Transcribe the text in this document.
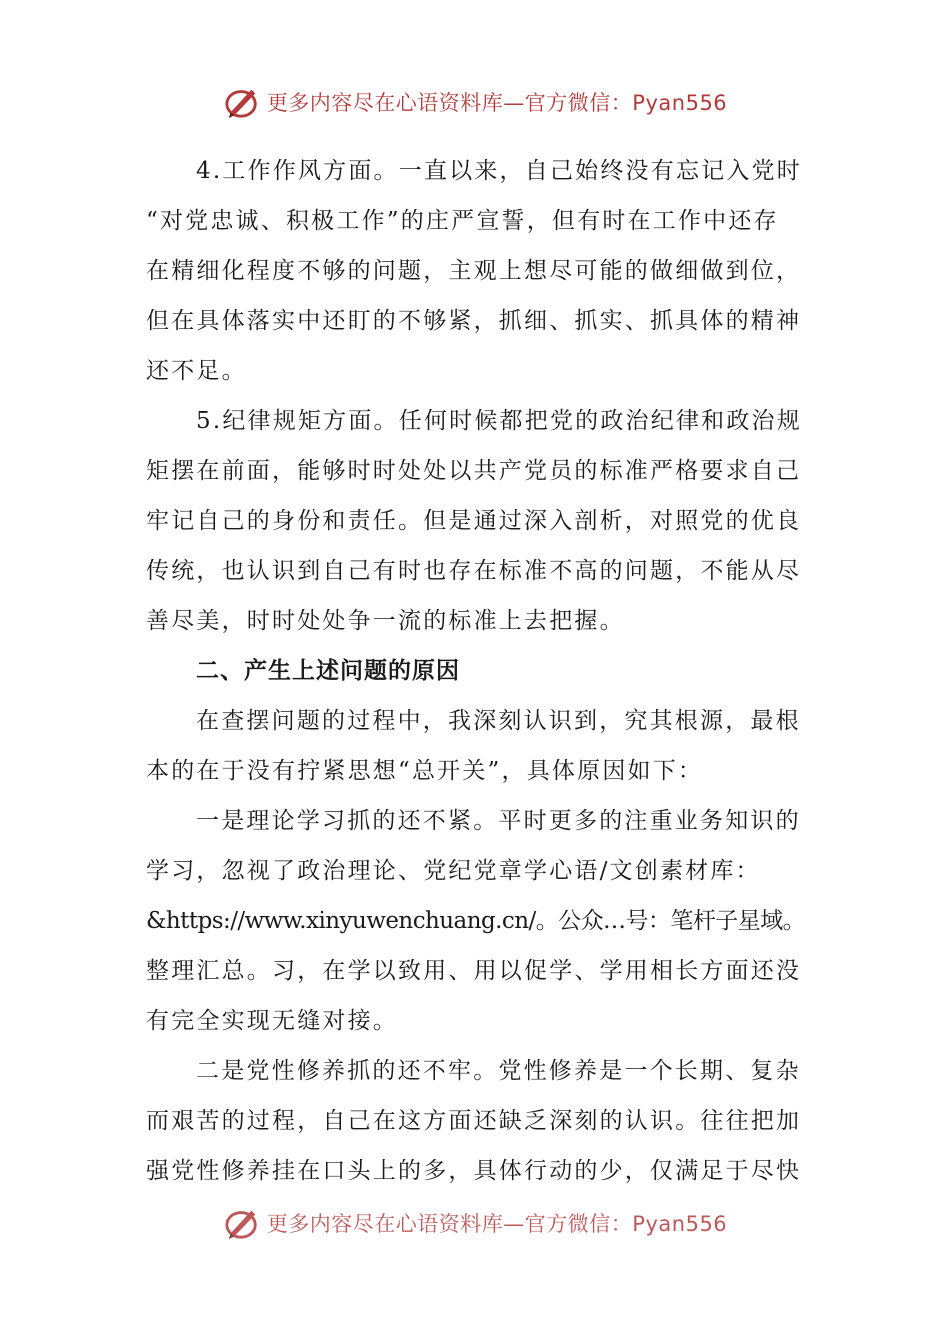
更多内容尽在心语资料库—官方微信：Pyan556
4.工作作风方面。一直以来，自己始终没有忘记入党时
“对党忠诚、积极工作”的庄严宣誓，但有时在工作中还存
在精细化程度不够的问题，主观上想尽可能的做细做到位，
但在具体落实中还盯的不够紧，抓细、抓实、抓具体的精神
还不足。
5.纪律规矩方面。任何时候都把党的政治纪律和政治规
矩摆在前面，能够时时处处以共产党员的标准严格要求自己
牢记自己的身份和责任。但是通过深入剖析，对照党的优良
传统，也认识到自己有时也存在标准不高的问题，不能从尽
善尽美，时时处处争一流的标准上去把握。
二、产生上述问题的原因
在查摆问题的过程中，我深刻认识到，究其根源，最根
本的在于没有拧紧思想“总开关”，具体原因如下：
一是理论学习抓的还不紧。平时更多的注重业务知识的
学习，忽视了政治理论、党纪党章学心语/文创素材库：
&https://www.xinyuwenchuang.cn/。公众…号：笔杆子星域。
整理汇总。习，在学以致用、用以促学、学用相长方面还没
有完全实现无缝对接。
二是党性修养抓的还不牢。党性修养是一个长期、复杂
而艰苦的过程，自己在这方面还缺乏深刻的认识。往往把加
强党性修养挂在口头上的多，具体行动的少，仅满足于尽快
更多内容尽在心语资料库—官方微信：Pyan556
